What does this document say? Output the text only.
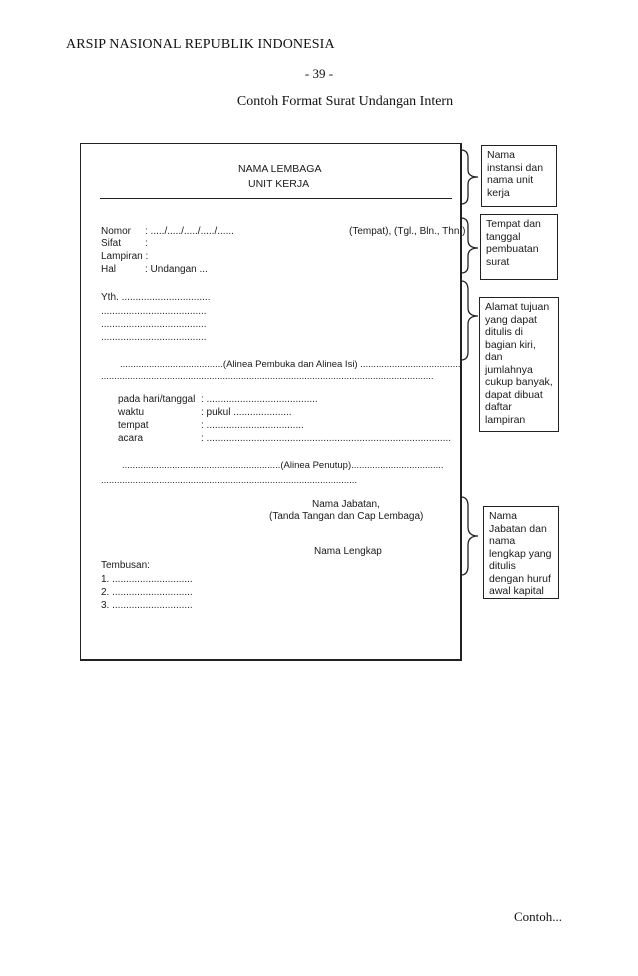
ARSIP NASIONAL REPUBLIK INDONESIA
- 39 -
Contoh Format Surat Undangan Intern
NAMA LEMBAGA
UNIT KERJA
Nomor : ...../...../...../...../......	(Tempat), (Tgl., Bln., Thn.)
Sifat :
Lampiran :
Hal	: Undangan ...
Yth. ................................
......................................
......................................
......................................
.......................................(Alinea Pembuka dan Alinea Isi) ......................................
..............................................................................................................................
pada hari/tanggal : ........................................
waktu	: pukul .....................
tempat	: ...................................
acara	: ........................................................................................
............................................................(Alinea Penutup)...................................
.................................................................................................
Nama Jabatan,
(Tanda Tangan dan Cap Lembaga)
Nama Lengkap
Tembusan:
1. .............................
2. .............................
3. .............................
Nama instansi dan nama unit kerja
Tempat dan tanggal pembuatan surat
Alamat tujuan yang dapat ditulis di bagian kiri, dan jumlahnya cukup banyak, dapat dibuat daftar lampiran
Nama Jabatan dan nama lengkap yang ditulis dengan huruf awal kapital
Contoh...
